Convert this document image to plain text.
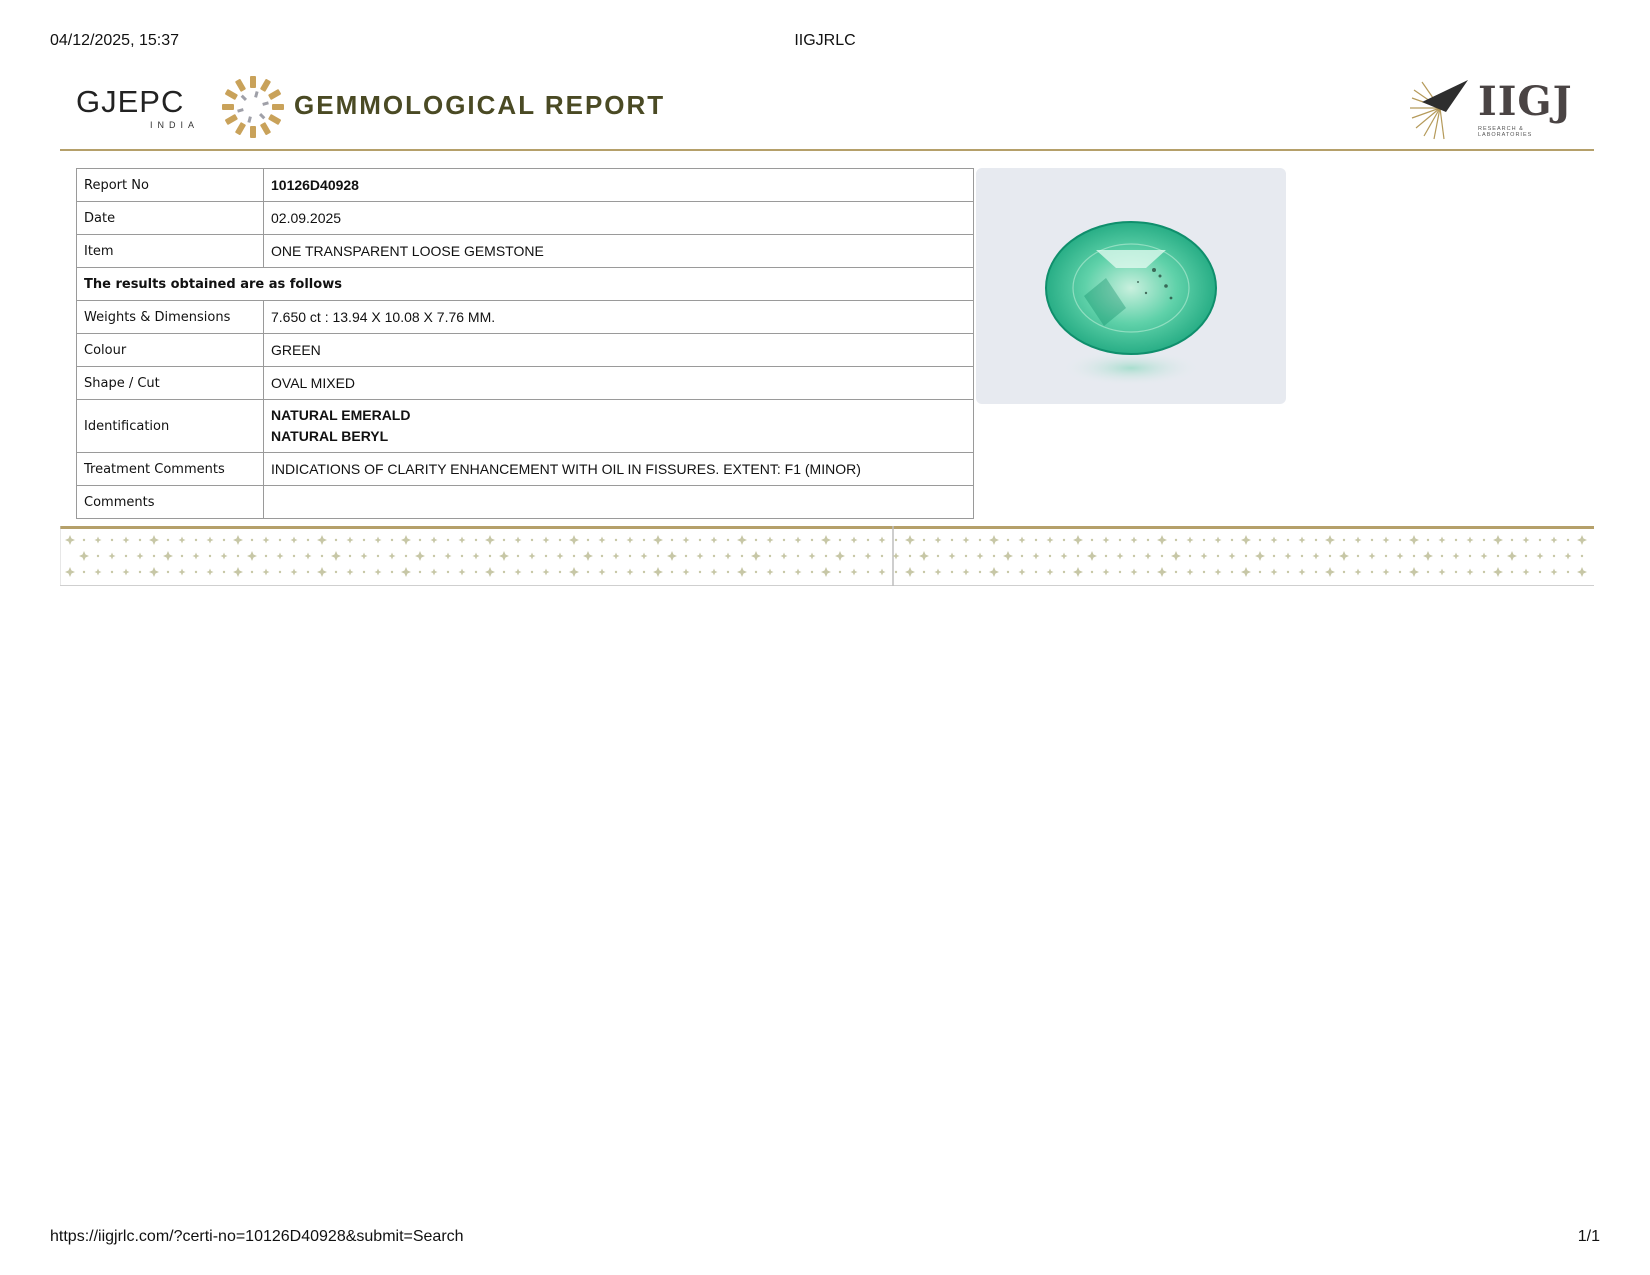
04/12/2025, 15:37	IIGJRLC
GJEPC
INDIA
GEMMOLOGICAL REPORT	IIGJ
RESEARCH & LABORATORIES
Report No	10126D40928
Date	02.09.2025
Item	ONE TRANSPARENT LOOSE GEMSTONE
The results obtained are as follows	
Weights & Dimensions	7.650 ct : 13.94 X 10.08 X 7.76 MM.
Colour	GREEN
Shape / Cut	OVAL MIXED
Identification	NATURAL EMERALD
NATURAL BERYL

Treatment Comments	INDICATIONS OF CLARITY ENHANCEMENT WITH OIL IN FISSURES. EXTENT: F1 (MINOR)
Comments	
https://iigjrlc.com/?certi-no=10126D40928&submit=Search	1/1
